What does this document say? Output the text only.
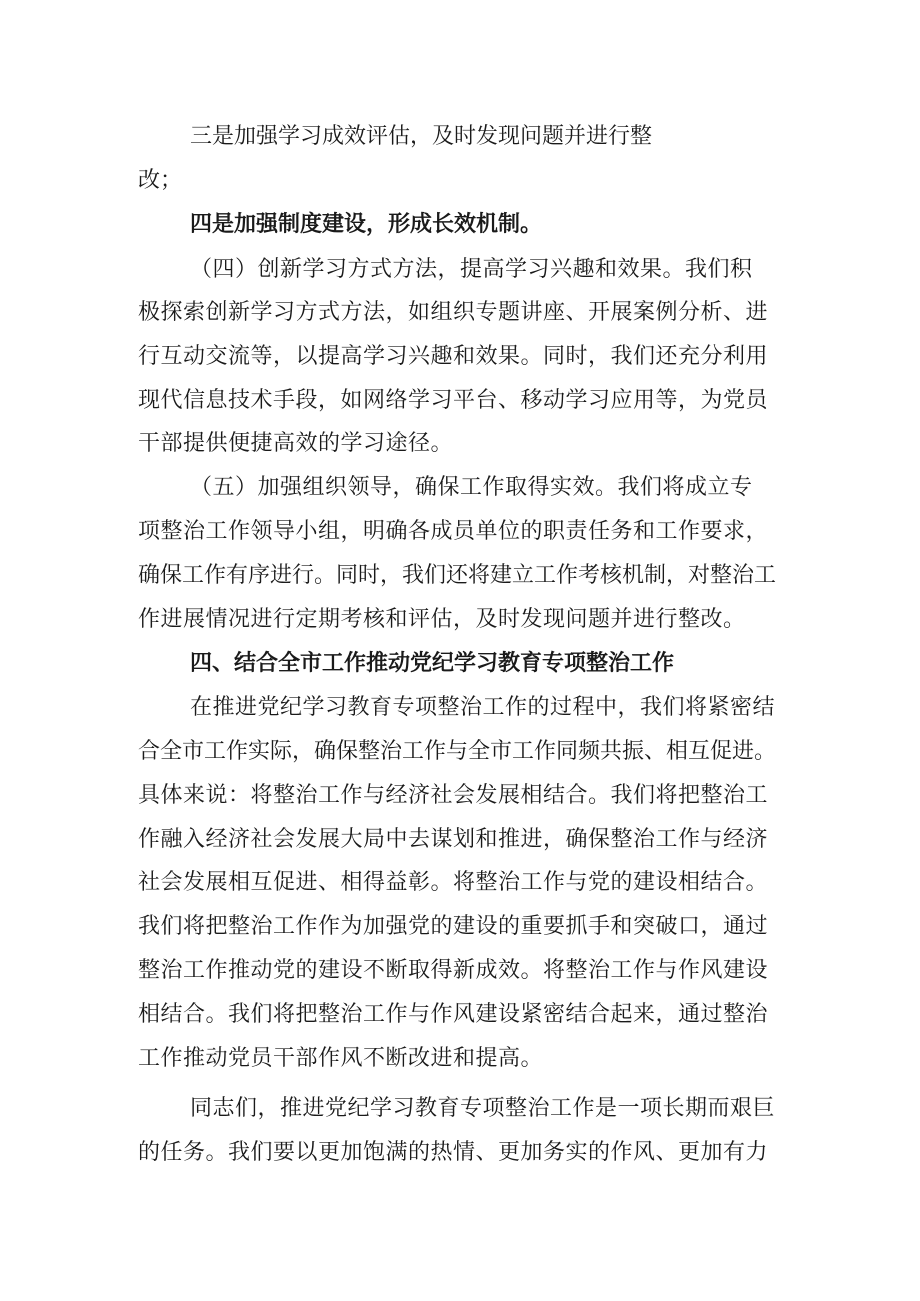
三是加强学习成效评估，及时发现问题并进行整
改；
四是加强制度建设，形成长效机制。
（四）创新学习方式方法，提高学习兴趣和效果。我们积
极探索创新学习方式方法，如组织专题讲座、开展案例分析、进
行互动交流等，以提高学习兴趣和效果。同时，我们还充分利用
现代信息技术手段，如网络学习平台、移动学习应用等，为党员
干部提供便捷高效的学习途径。
（五）加强组织领导，确保工作取得实效。我们将成立专
项整治工作领导小组，明确各成员单位的职责任务和工作要求，
确保工作有序进行。同时，我们还将建立工作考核机制，对整治工
作进展情况进行定期考核和评估，及时发现问题并进行整改。
四、结合全市工作推动党纪学习教育专项整治工作
在推进党纪学习教育专项整治工作的过程中，我们将紧密结
合全市工作实际，确保整治工作与全市工作同频共振、相互促进。
具体来说：将整治工作与经济社会发展相结合。我们将把整治工
作融入经济社会发展大局中去谋划和推进，确保整治工作与经济
社会发展相互促进、相得益彰。将整治工作与党的建设相结合。
我们将把整治工作作为加强党的建设的重要抓手和突破口，通过
整治工作推动党的建设不断取得新成效。将整治工作与作风建设
相结合。我们将把整治工作与作风建设紧密结合起来，通过整治
工作推动党员干部作风不断改进和提高。
同志们，推进党纪学习教育专项整治工作是一项长期而艰巨
的任务。我们要以更加饱满的热情、更加务实的作风、更加有力
